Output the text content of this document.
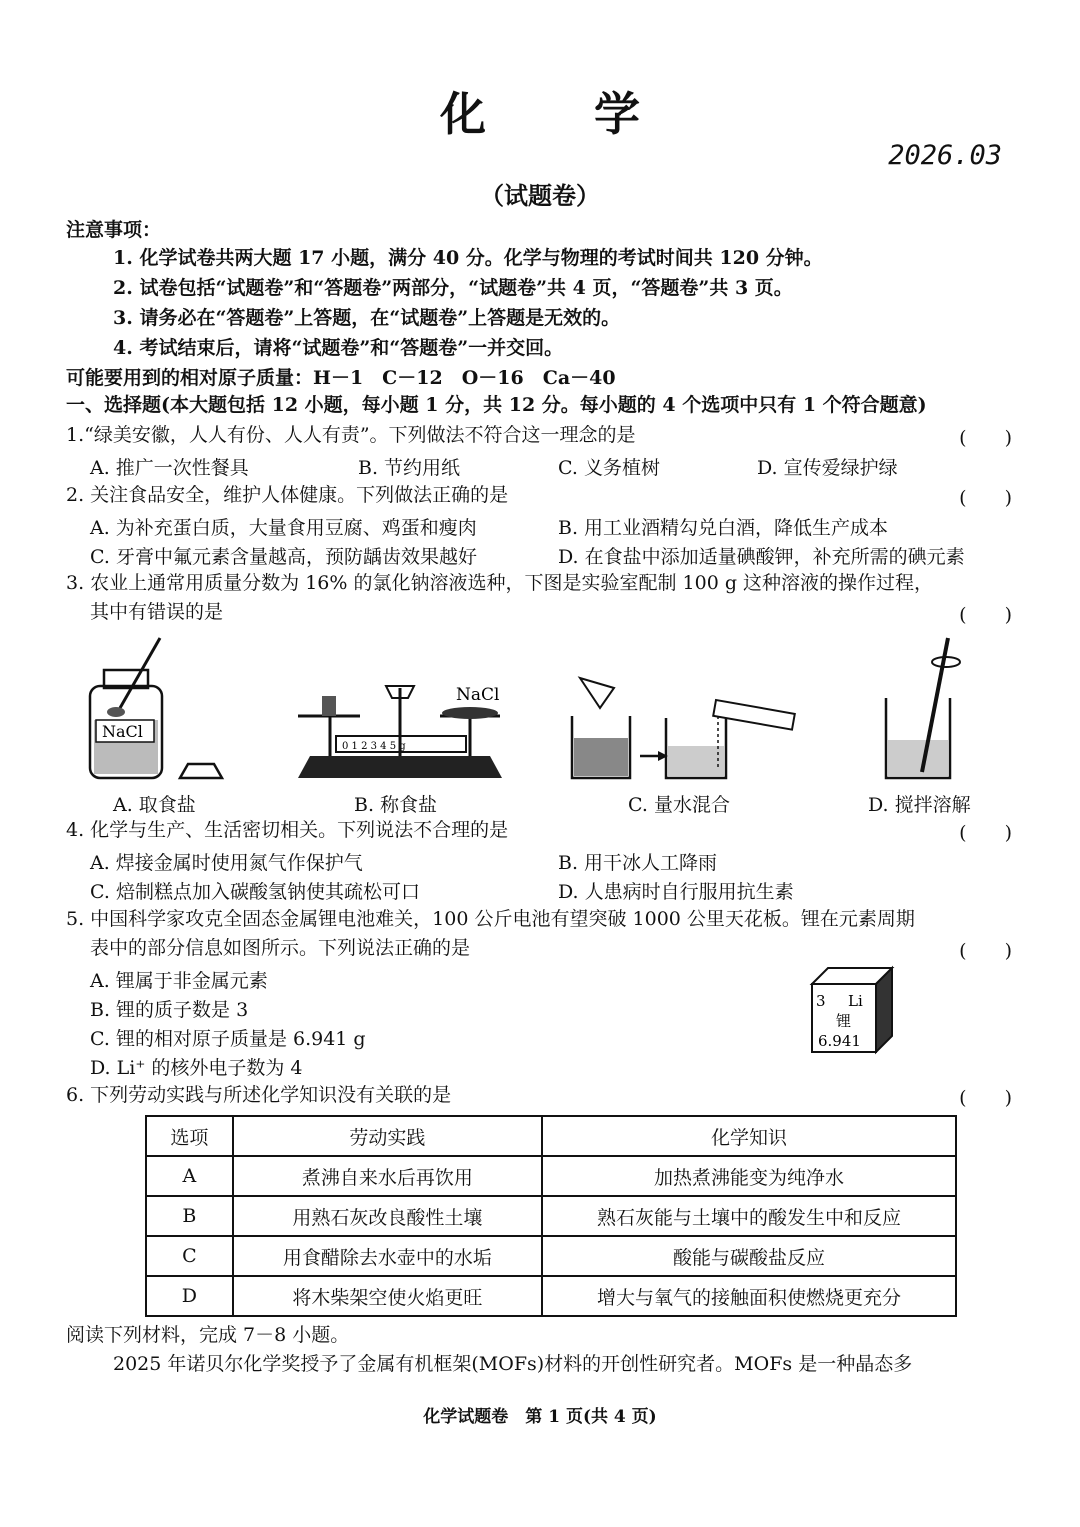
化 学
2026.03
（试题卷）
注意事项：
1. 化学试卷共两大题 17 小题，满分 40 分。化学与物理的考试时间共 120 分钟。
2. 试卷包括“试题卷”和“答题卷”两部分，“试题卷”共 4 页，“答题卷”共 3 页。
3. 请务必在“答题卷”上答题，在“试题卷”上答题是无效的。
4. 考试结束后，请将“试题卷”和“答题卷”一并交回。
可能要用到的相对原子质量：H－1　C－12　O－16　Ca－40
一、选择题(本大题包括 12 小题，每小题 1 分，共 12 分。每小题的 4 个选项中只有 1 个符合题意)
1.“绿美安徽，人人有份、人人有责”。下列做法不符合这一理念的是	(　　)
A. 推广一次性餐具	B. 节约用纸	C. 义务植树	D. 宣传爱绿护绿
2. 关注食品安全，维护人体健康。下列做法正确的是	(　　)
A. 为补充蛋白质，大量食用豆腐、鸡蛋和瘦肉	B. 用工业酒精勾兑白酒，降低生产成本
C. 牙膏中氟元素含量越高，预防龋齿效果越好	D. 在食盐中添加适量碘酸钾，补充所需的碘元素
3. 农业上通常用质量分数为 16% 的氯化钠溶液选种，下图是实验室配制 100 g 这种溶液的操作过程，
其中有错误的是	(　　)
NaCl
0 1 2 3 4 5 g
NaCl
A. 取食盐	B. 称食盐	C. 量水混合	D. 搅拌溶解
4. 化学与生产、生活密切相关。下列说法不合理的是	(　　)
A. 焊接金属时使用氮气作保护气	B. 用干冰人工降雨
C. 焙制糕点加入碳酸氢钠使其疏松可口	D. 人患病时自行服用抗生素
5. 中国科学家攻克全固态金属锂电池难关，100 公斤电池有望突破 1000 公里天花板。锂在元素周期
表中的部分信息如图所示。下列说法正确的是	(　　)
A. 锂属于非金属元素
B. 锂的质子数是 3
C. 锂的相对原子质量是 6.941 g
D. Li⁺ 的核外电子数为 4
3 Li
锂
6.941
6. 下列劳动实践与所述化学知识没有关联的是	(　　)
选项	劳动实践	化学知识
A	煮沸自来水后再饮用	加热煮沸能变为纯净水
B	用熟石灰改良酸性土壤	熟石灰能与土壤中的酸发生中和反应
C	用食醋除去水壶中的水垢	酸能与碳酸盐反应
D	将木柴架空使火焰更旺	增大与氧气的接触面积使燃烧更充分
阅读下列材料，完成 7－8 小题。
2025 年诺贝尔化学奖授予了金属有机框架(MOFs)材料的开创性研究者。MOFs 是一种晶态多
化学试题卷　第 1 页(共 4 页)
